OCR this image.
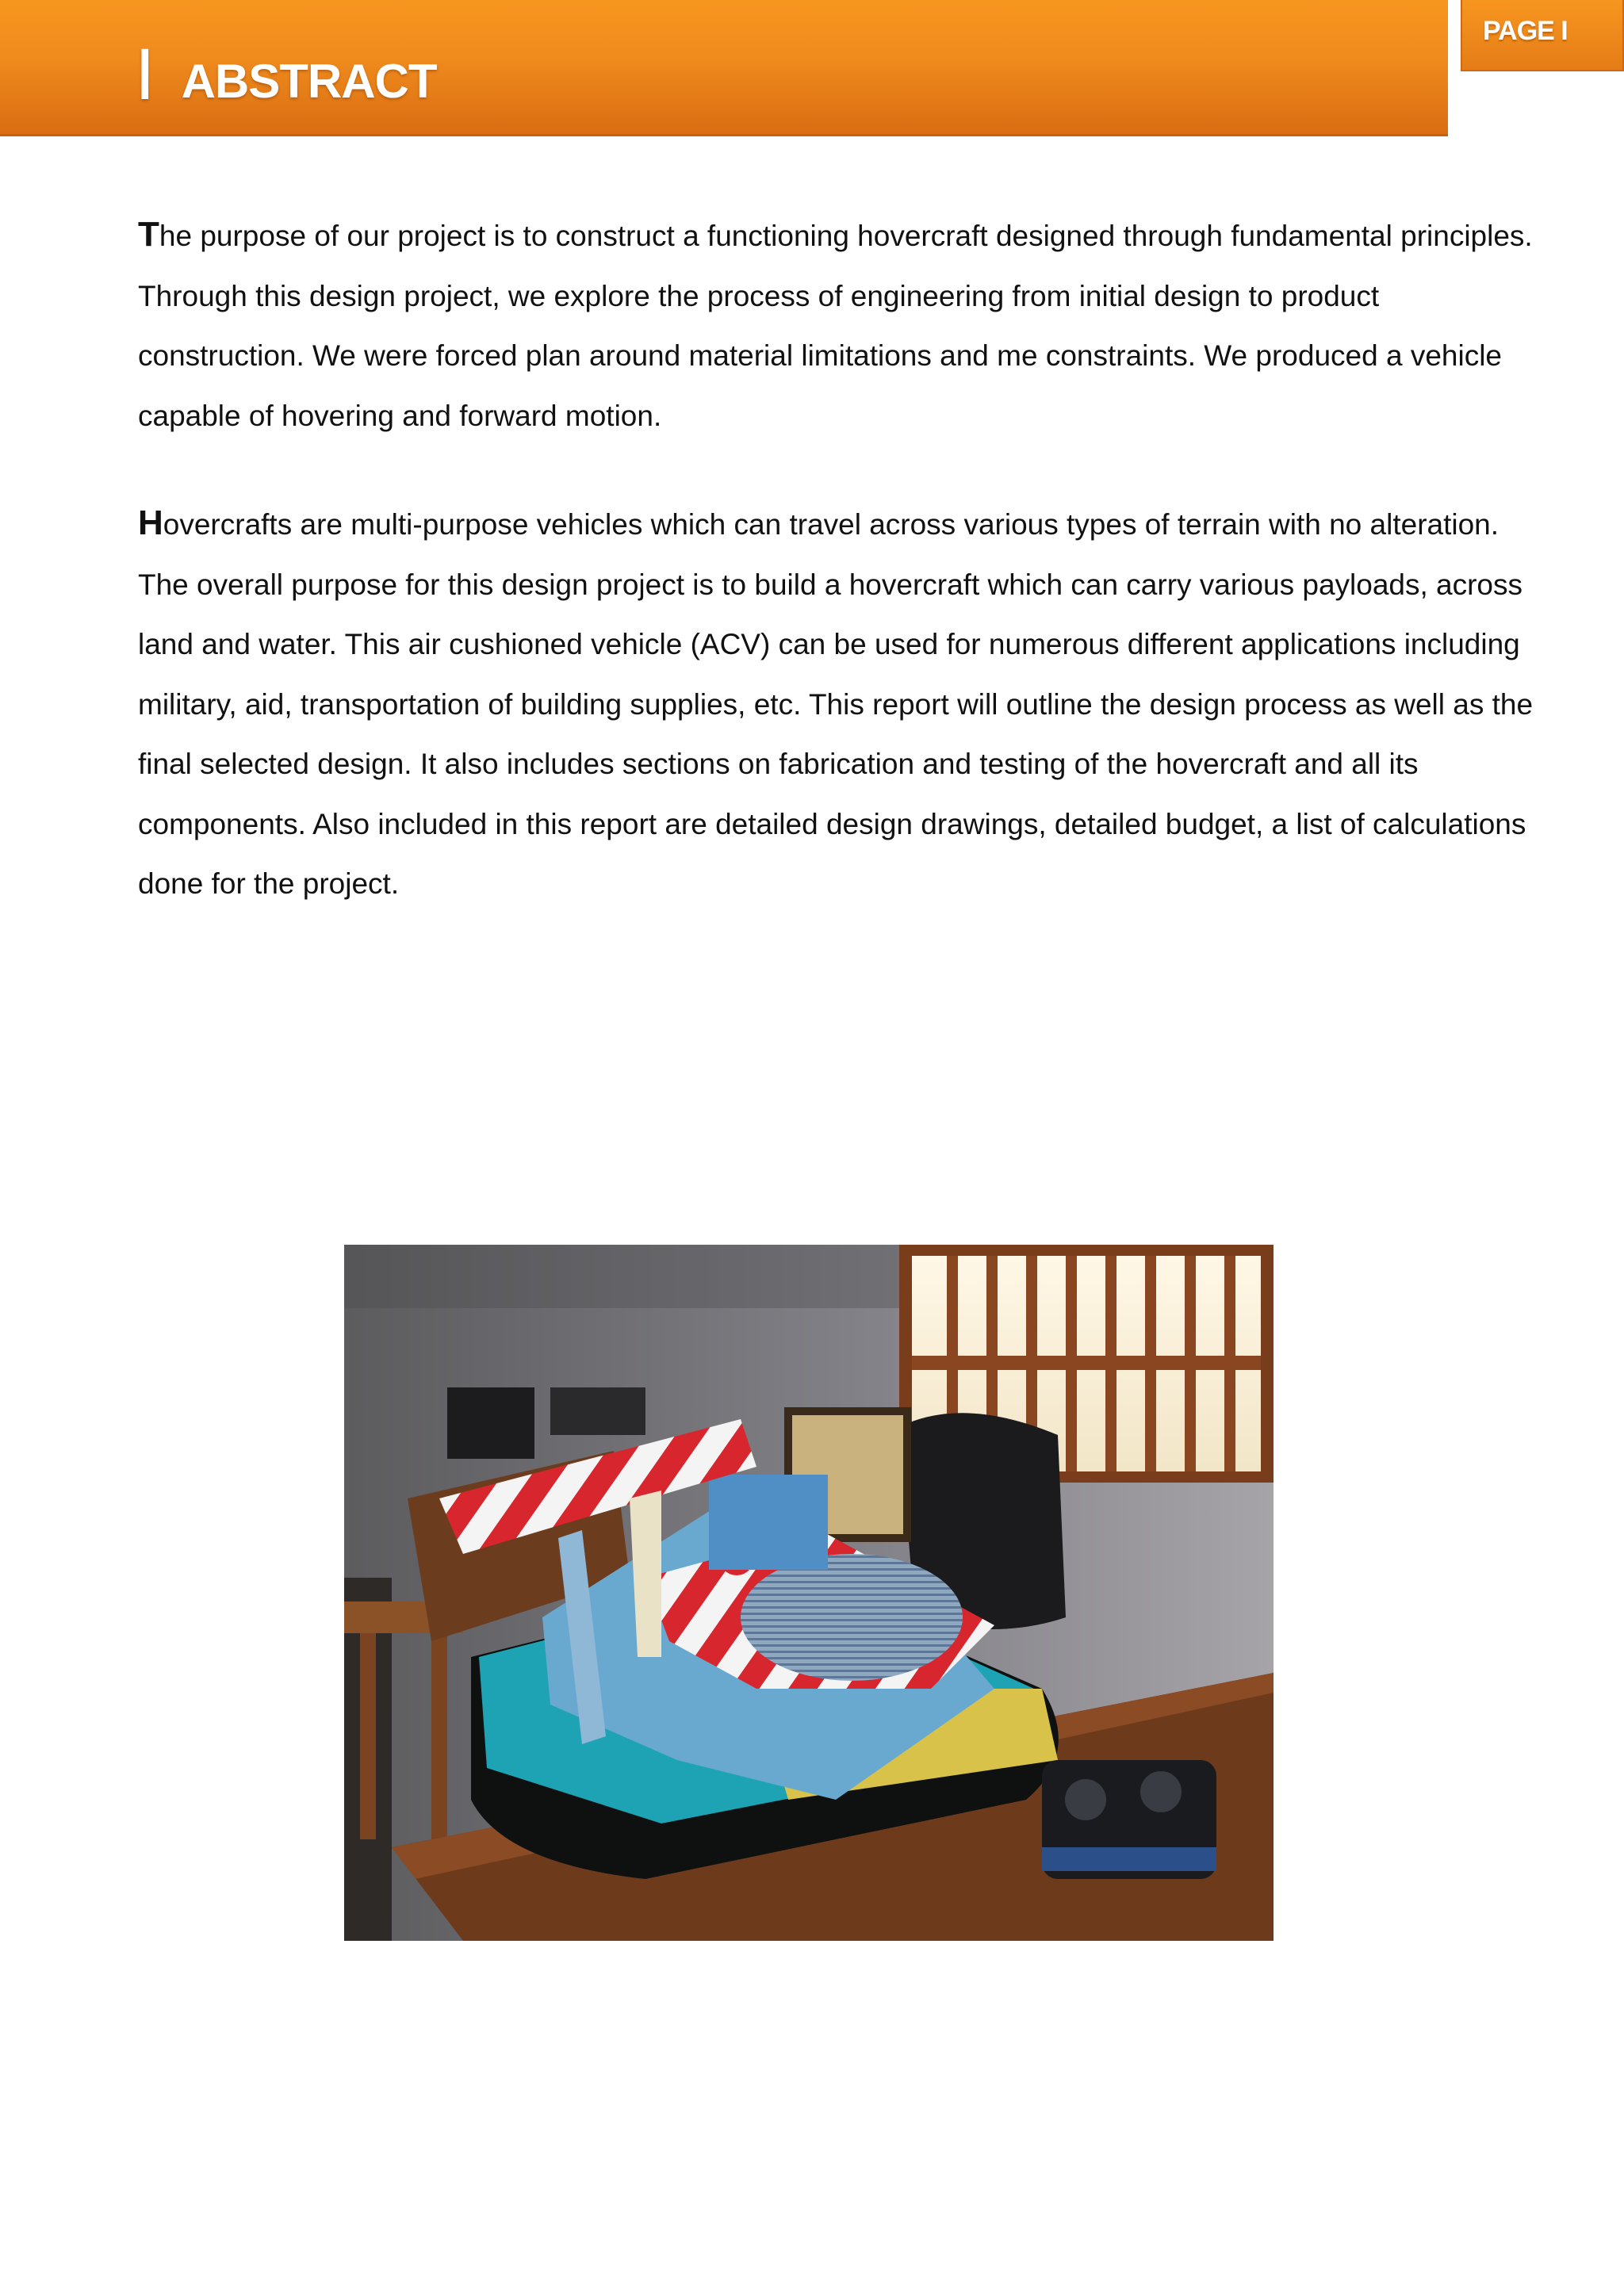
I ABSTRACT
PAGE I

The purpose of our project is to construct a functioning hovercraft designed through fundamental principles. Through this design project, we explore the process of engineering from initial design to product construction. We were forced plan around material limitations and me constraints. We produced a vehicle capable of hovering and forward motion.

Hovercrafts are multi-purpose vehicles which can travel across various types of terrain with no alteration. The overall purpose for this design project is to build a hovercraft which can carry various payloads, across land and water. This air cushioned vehicle (ACV) can be used for numerous different applications including military, aid, transportation of building supplies, etc. This report will outline the design process as well as the final selected design. It also includes sections on fabrication and testing of the hovercraft and all its components. Also included in this report are detailed design drawings, detailed budget, a list of calculations done for the project.
